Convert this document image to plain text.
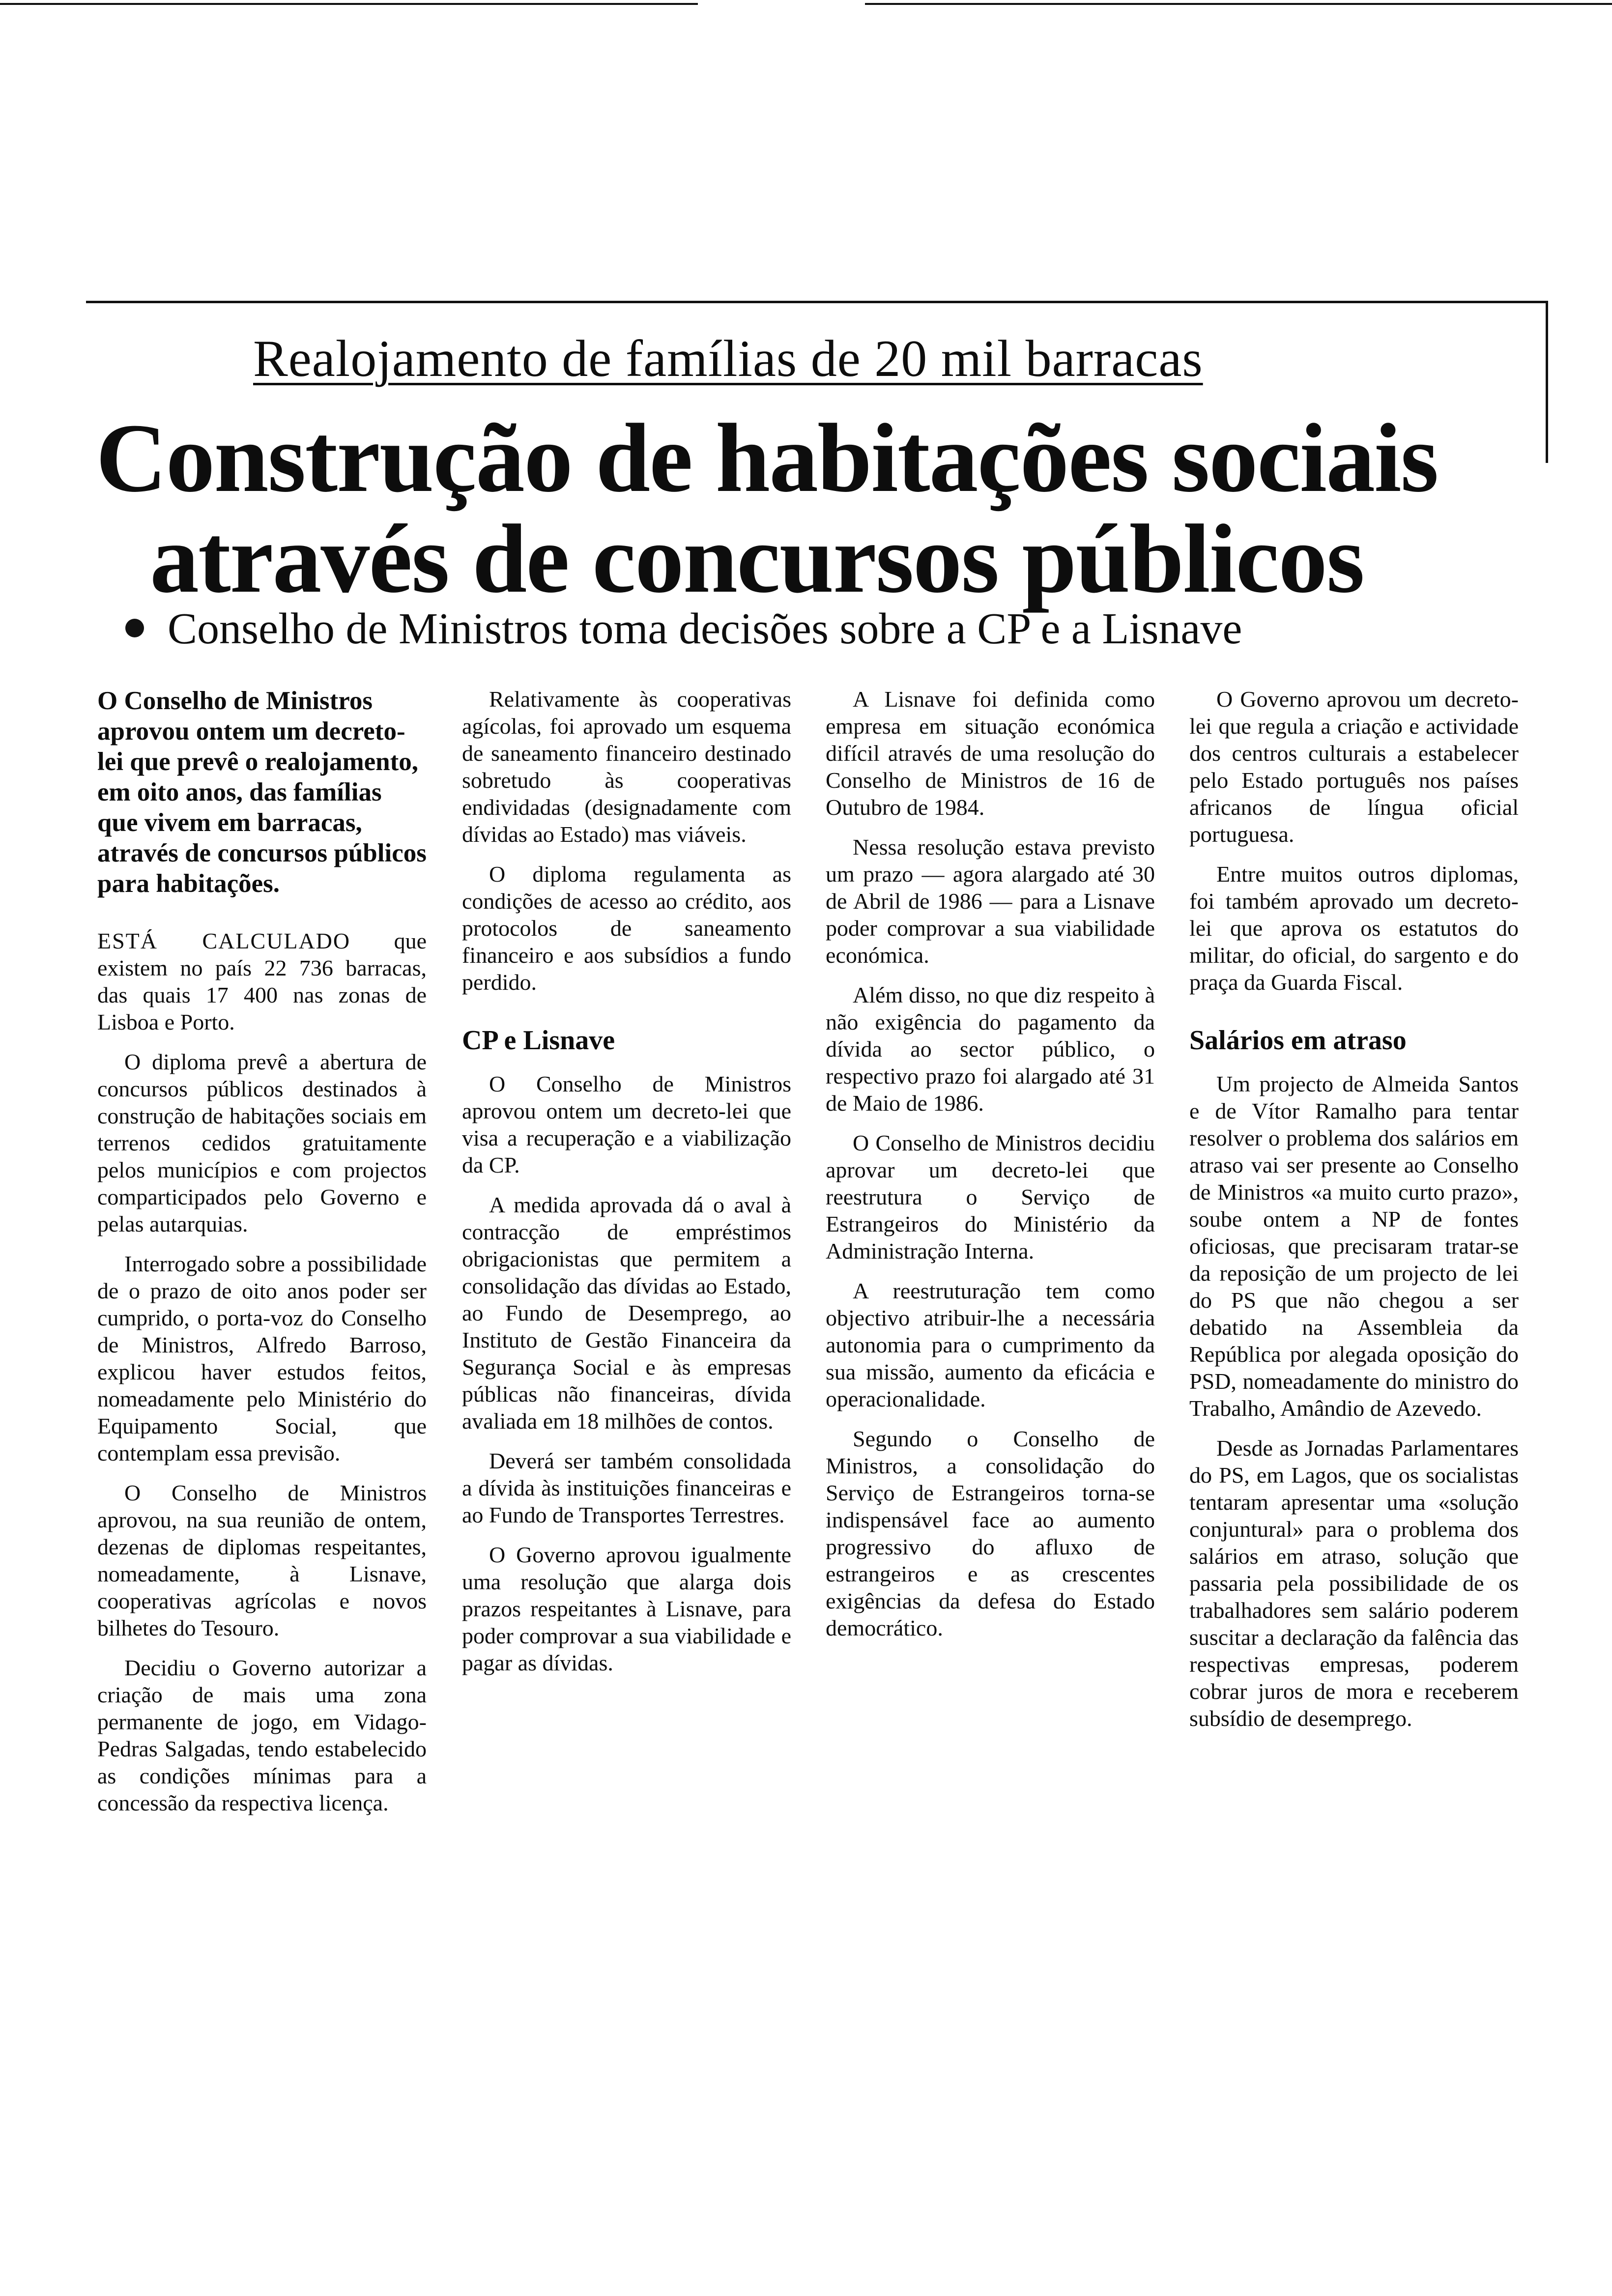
Realojamento de famílias de 20 mil barracas
Construção de habitações sociais
através de concursos públicos
Conselho de Ministros toma decisões sobre a CP e a Lisnave
O Conselho de Ministros aprovou ontem um decreto-lei que prevê o realojamento, em oito anos, das famílias que vivem em barracas, através de concursos públicos para habitações.

ESTÁ CALCULADO que existem no país 22 736 barracas, das quais 17 400 nas zonas de Lisboa e Porto.

O diploma prevê a abertura de concursos públicos destinados à construção de habitações sociais em terrenos cedidos gratuitamente pelos municípios e com projectos comparticipados pelo Governo e pelas autarquias.

Interrogado sobre a possibilidade de o prazo de oito anos poder ser cumprido, o porta-voz do Conselho de Ministros, Alfredo Barroso, explicou haver estudos feitos, nomeadamente pelo Ministério do Equipamento Social, que contemplam essa previsão.

O Conselho de Ministros aprovou, na sua reunião de ontem, dezenas de diplomas respeitantes, nomeadamente, à Lisnave, cooperativas agrícolas e novos bilhetes do Tesouro.

Decidiu o Governo autorizar a criação de mais uma zona permanente de jogo, em Vidago-Pedras Salgadas, tendo estabelecido as condições mínimas para a concessão da respectiva licença.

Relativamente às cooperativas agícolas, foi aprovado um esquema de saneamento financeiro destinado sobretudo às cooperativas endividadas (designadamente com dívidas ao Estado) mas viáveis.

O diploma regulamenta as condições de acesso ao crédito, aos protocolos de saneamento financeiro e aos subsídios a fundo perdido.

CP e Lisnave

O Conselho de Ministros aprovou ontem um decreto-lei que visa a recuperação e a viabilização da CP.

A medida aprovada dá o aval à contracção de empréstimos obrigacionistas que permitem a consolidação das dívidas ao Estado, ao Fundo de Desemprego, ao Instituto de Gestão Financeira da Segurança Social e às empresas públicas não financeiras, dívida avaliada em 18 milhões de contos.

Deverá ser também consolidada a dívida às instituições financeiras e ao Fundo de Transportes Terrestres.

O Governo aprovou igualmente uma resolução que alarga dois prazos respeitantes à Lisnave, para poder comprovar a sua viabilidade e pagar as dívidas.

A Lisnave foi definida como empresa em situação económica difícil através de uma resolução do Conselho de Ministros de 16 de Outubro de 1984.

Nessa resolução estava previsto um prazo — agora alargado até 30 de Abril de 1986 — para a Lisnave poder comprovar a sua viabilidade económica.

Além disso, no que diz respeito à não exigência do pagamento da dívida ao sector público, o respectivo prazo foi alargado até 31 de Maio de 1986.

O Conselho de Ministros decidiu aprovar um decreto-lei que reestrutura o Serviço de Estrangeiros do Ministério da Administração Interna.

A reestruturação tem como objectivo atribuir-lhe a necessária autonomia para o cumprimento da sua missão, aumento da eficácia e operacionalidade.

Segundo o Conselho de Ministros, a consolidação do Serviço de Estrangeiros torna-se indispensável face ao aumento progressivo do afluxo de estrangeiros e as crescentes exigências da defesa do Estado democrático.

O Governo aprovou um decreto-lei que regula a criação e actividade dos centros culturais a estabelecer pelo Estado português nos países africanos de língua oficial portuguesa.

Entre muitos outros diplomas, foi também aprovado um decreto-lei que aprova os estatutos do militar, do oficial, do sargento e do praça da Guarda Fiscal.

Salários em atraso

Um projecto de Almeida Santos e de Vítor Ramalho para tentar resolver o problema dos salários em atraso vai ser presente ao Conselho de Ministros «a muito curto prazo», soube ontem a NP de fontes oficiosas, que precisaram tratar-se da reposição de um projecto de lei do PS que não chegou a ser debatido na Assembleia da República por alegada oposição do PSD, nomeadamente do ministro do Trabalho, Amândio de Azevedo.

Desde as Jornadas Parlamentares do PS, em Lagos, que os socialistas tentaram apresentar uma «solução conjuntural» para o problema dos salários em atraso, solução que passaria pela possibilidade de os trabalhadores sem salário poderem suscitar a declaração da falência das respectivas empresas, poderem cobrar juros de mora e receberem subsídio de desemprego.
